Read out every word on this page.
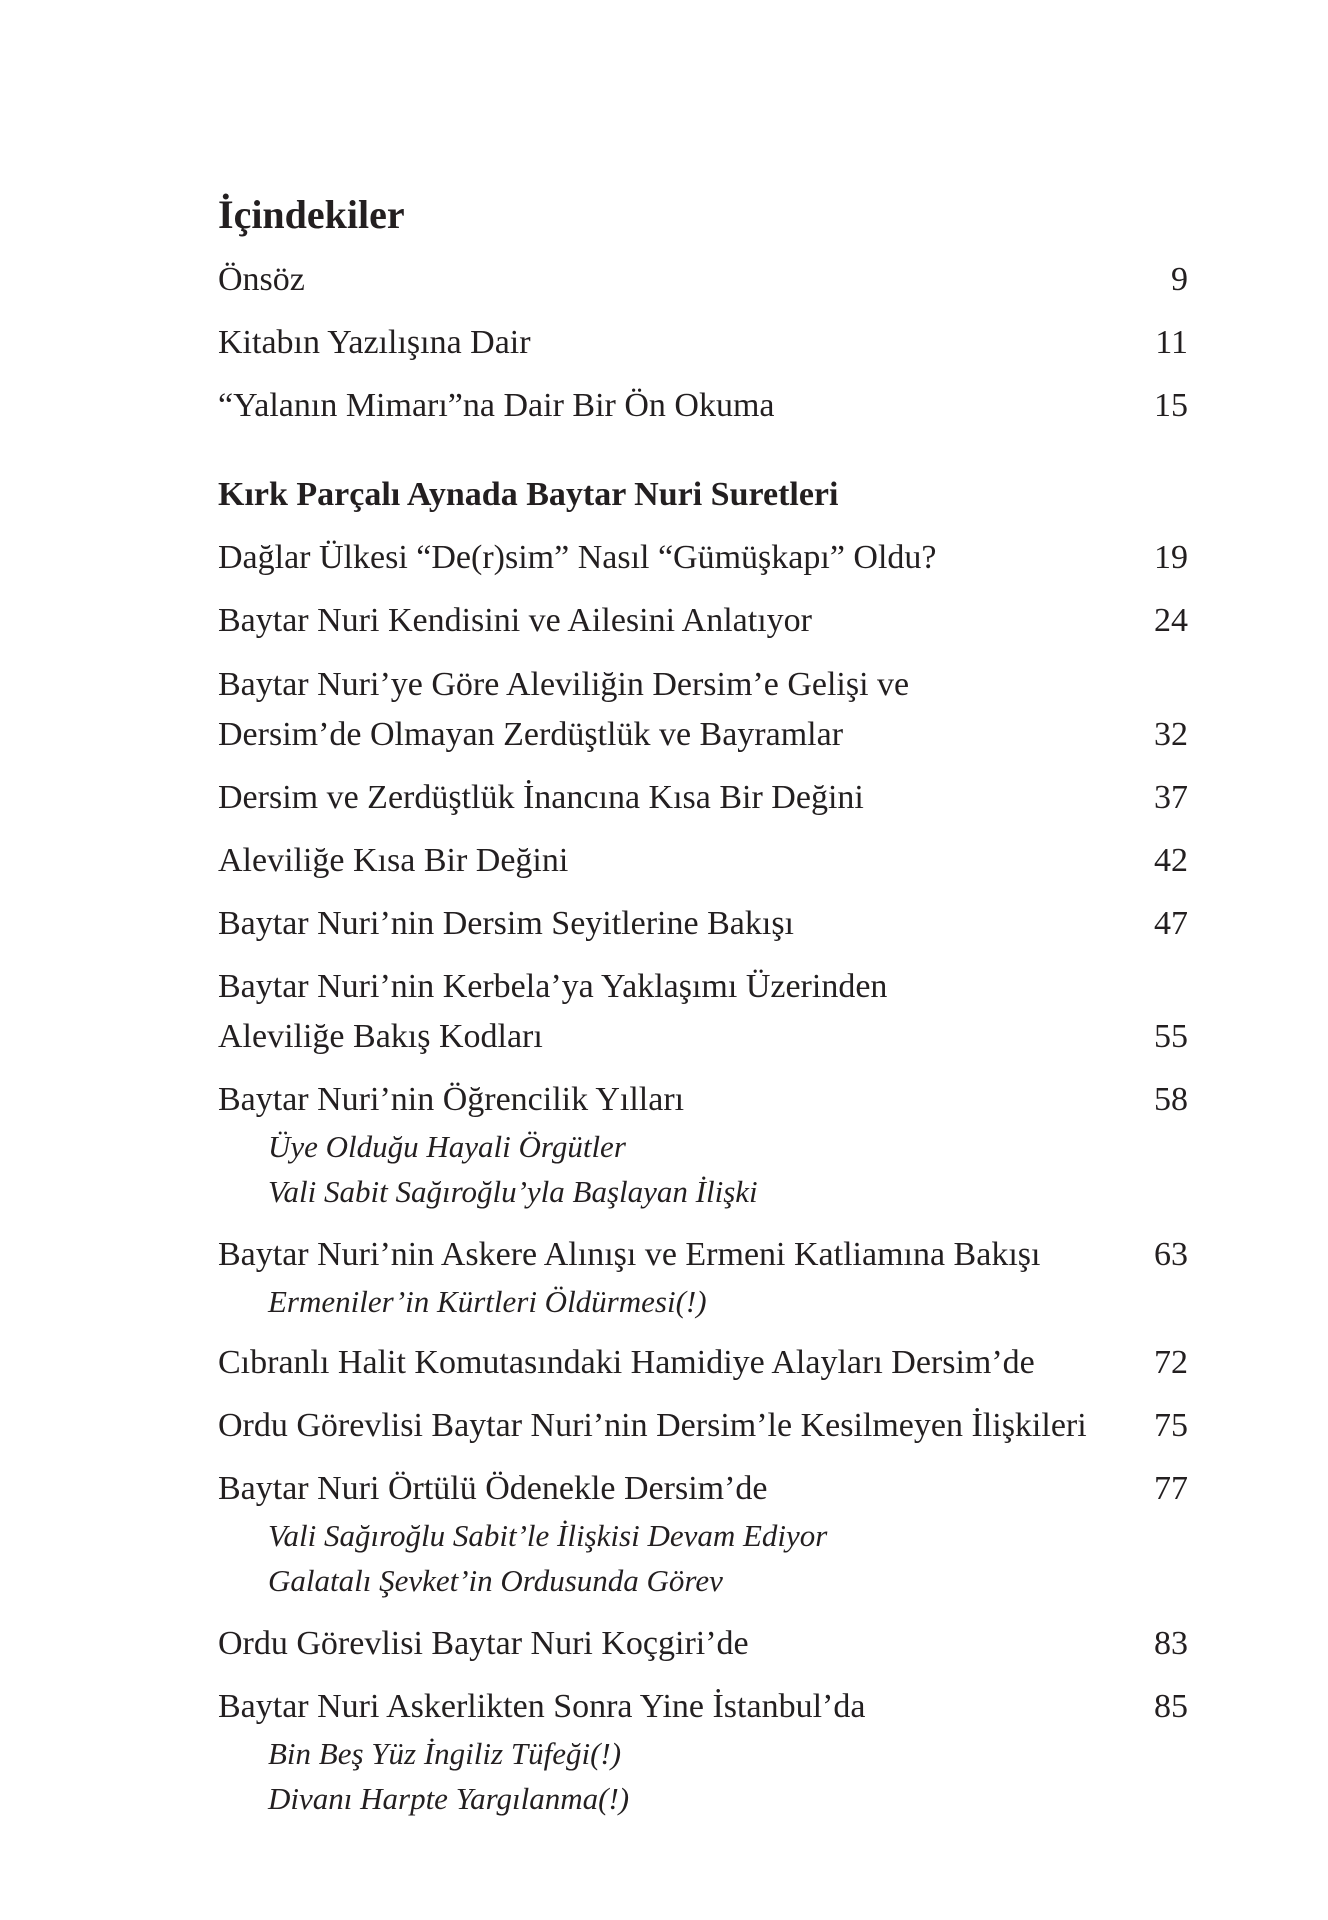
İçindekiler
Önsöz	9
Kitabın Yazılışına Dair	11
“Yalanın Mimarı”na Dair Bir Ön Okuma	15
Kırk Parçalı Aynada Baytar Nuri Suretleri
Dağlar Ülkesi “De(r)sim” Nasıl “Gümüşkapı” Oldu?	19
Baytar Nuri Kendisini ve Ailesini Anlatıyor	24
Baytar Nuri’ye Göre Aleviliğin Dersim’e Gelişi ve
Dersim’de Olmayan Zerdüştlük ve Bayramlar	32
Dersim ve Zerdüştlük İnancına Kısa Bir Değini	37
Aleviliğe Kısa Bir Değini	42
Baytar Nuri’nin Dersim Seyitlerine Bakışı	47
Baytar Nuri’nin Kerbela’ya Yaklaşımı Üzerinden
Aleviliğe Bakış Kodları	55
Baytar Nuri’nin Öğrencilik Yılları	58
Üye Olduğu Hayali Örgütler
Vali Sabit Sağıroğlu’yla Başlayan İlişki
Baytar Nuri’nin Askere Alınışı ve Ermeni Katliamına Bakışı	63
Ermeniler’in Kürtleri Öldürmesi(!)
Cıbranlı Halit Komutasındaki Hamidiye Alayları Dersim’de	72
Ordu Görevlisi Baytar Nuri’nin Dersim’le Kesilmeyen İlişkileri 75
Baytar Nuri Örtülü Ödenekle Dersim’de	77
Vali Sağıroğlu Sabit’le İlişkisi Devam Ediyor
Galatalı Şevket’in Ordusunda Görev
Ordu Görevlisi Baytar Nuri Koçgiri’de	83
Baytar Nuri Askerlikten Sonra Yine İstanbul’da	85
Bin Beş Yüz İngiliz Tüfeği(!)
Divanı Harpte Yargılanma(!)
